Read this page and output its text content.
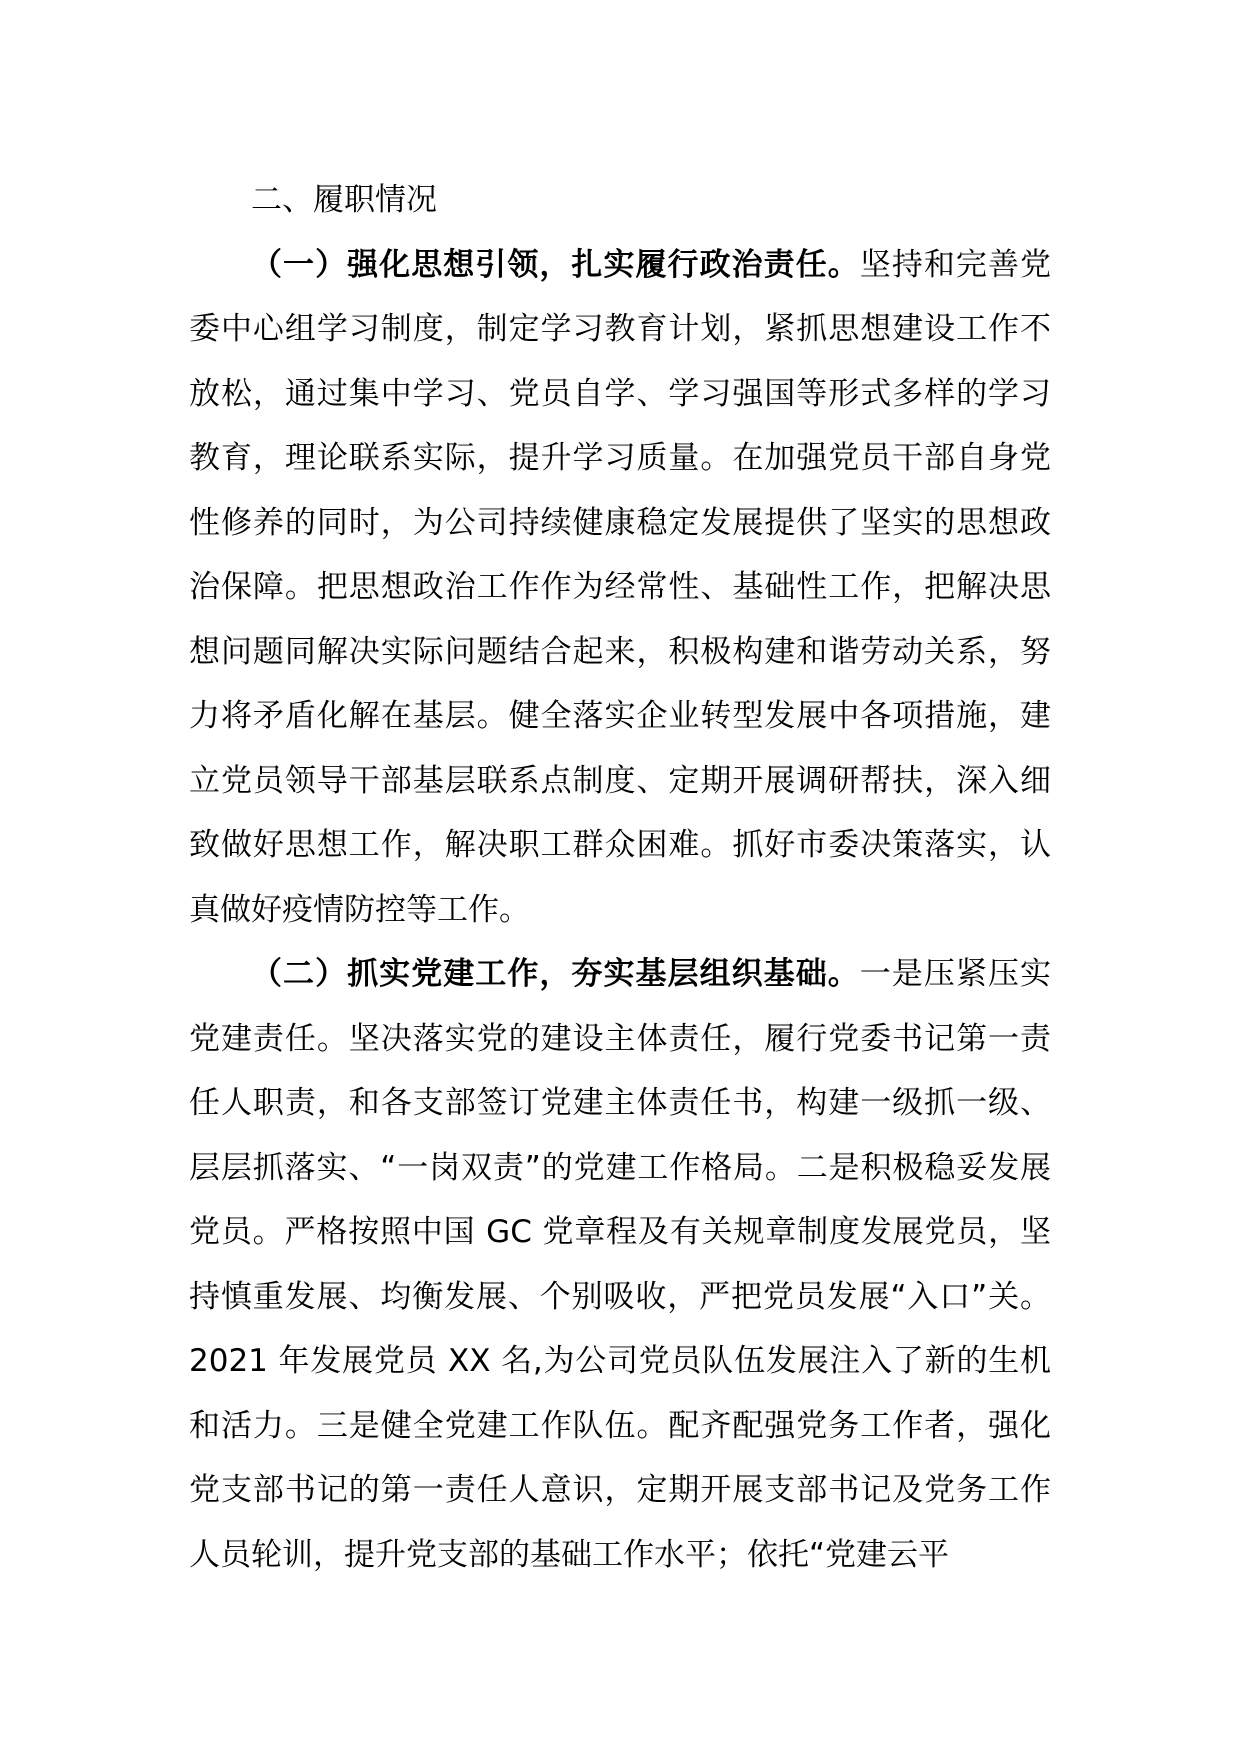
二、履职情况

（一）强化思想引领，扎实履行政治责任。坚持和完善党委中心组学习制度，制定学习教育计划，紧抓思想建设工作不放松，通过集中学习、党员自学、学习强国等形式多样的学习教育，理论联系实际，提升学习质量。在加强党员干部自身党性修养的同时，为公司持续健康稳定发展提供了坚实的思想政治保障。把思想政治工作作为经常性、基础性工作，把解决思想问题同解决实际问题结合起来，积极构建和谐劳动关系，努力将矛盾化解在基层。健全落实企业转型发展中各项措施，建立党员领导干部基层联系点制度、定期开展调研帮扶，深入细致做好思想工作，解决职工群众困难。抓好市委决策落实，认真做好疫情防控等工作。

（二）抓实党建工作，夯实基层组织基础。一是压紧压实党建责任。坚决落实党的建设主体责任，履行党委书记第一责任人职责，和各支部签订党建主体责任书，构建一级抓一级、层层抓落实、“一岗双责”的党建工作格局。二是积极稳妥发展党员。严格按照中国 GC 党章程及有关规章制度发展党员，坚持慎重发展、均衡发展、个别吸收，严把党员发展“入口”关。2021 年发展党员 XX 名,为公司党员队伍发展注入了新的生机和活力。三是健全党建工作队伍。配齐配强党务工作者，强化党支部书记的第一责任人意识，定期开展支部书记及党务工作人员轮训，提升党支部的基础工作水平；依托“党建云平
